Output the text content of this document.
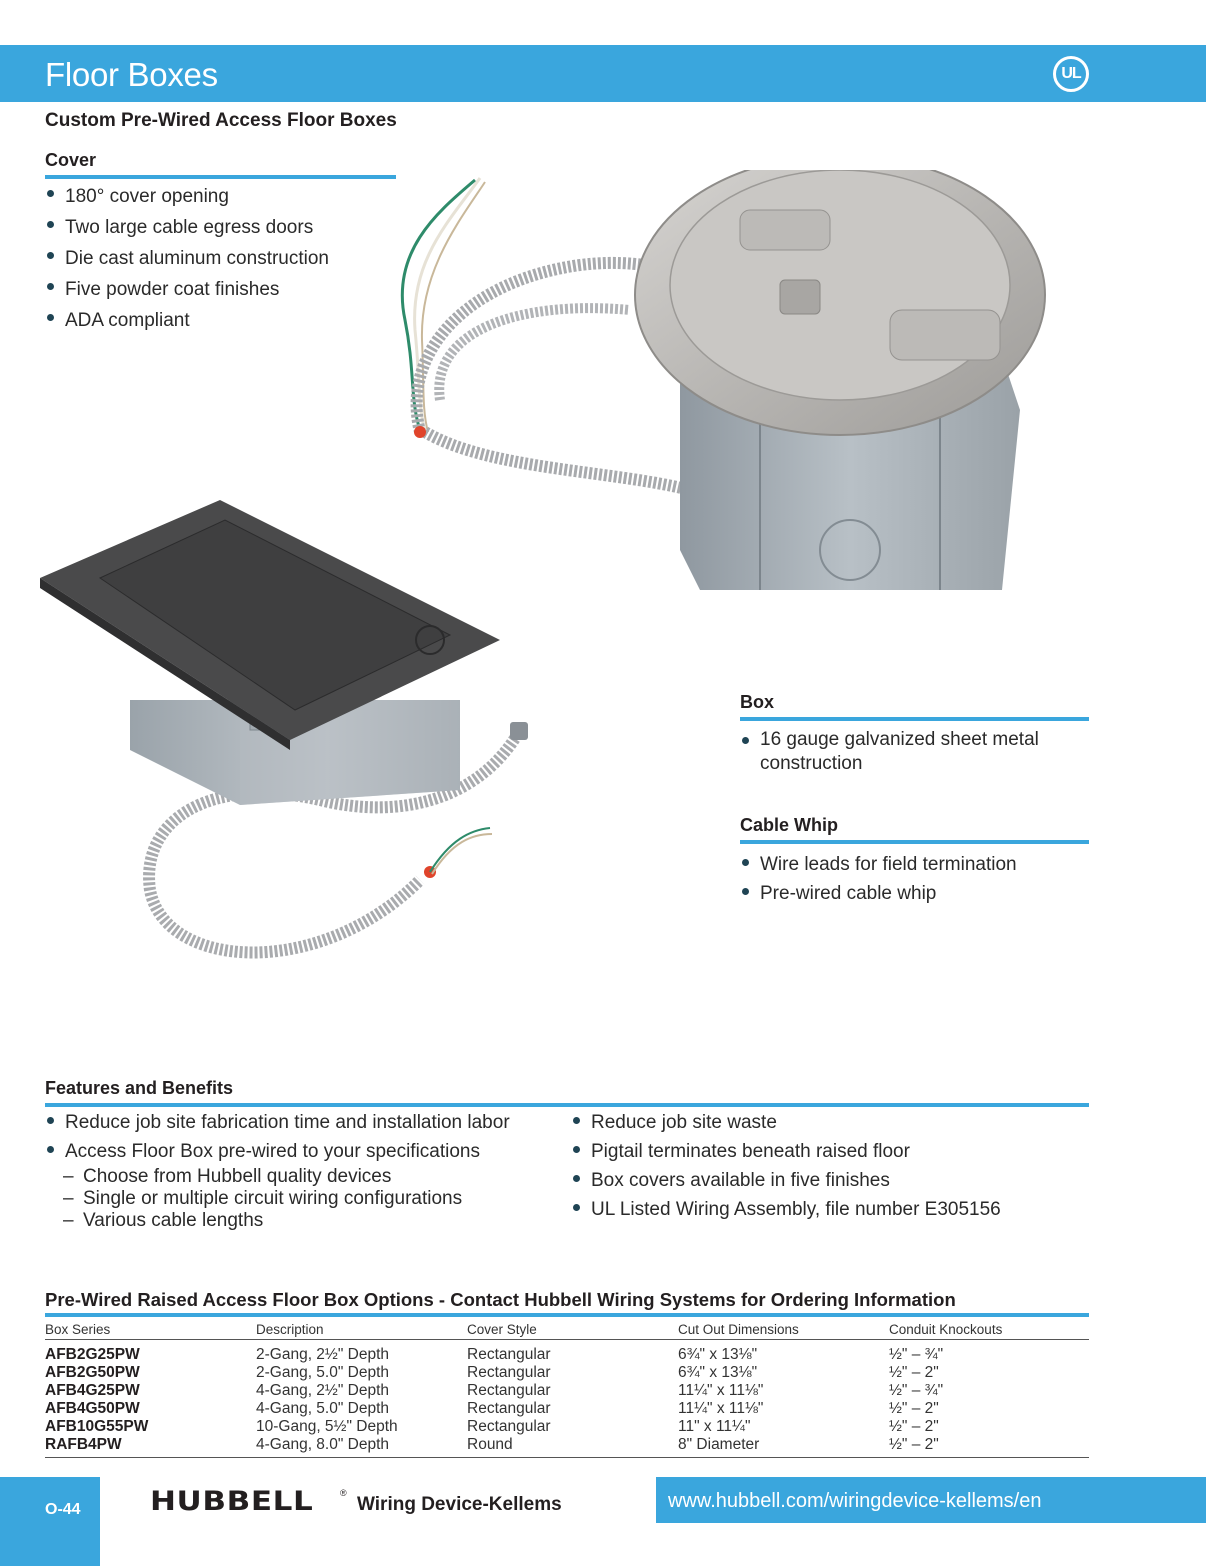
Floor Boxes	UL
Custom Pre-Wired Access Floor Boxes
Cover
180° cover opening
Two large cable egress doors
Die cast aluminum construction
Five powder coat finishes
ADA compliant
Box
16 gauge galvanized sheet metal construction
Cable Whip
Wire leads for field termination
Pre-wired cable whip
Features and Benefits
Reduce job site fabrication time and installation labor
Access Floor Box pre-wired to your specifications
– Choose from Hubbell quality devices
– Single or multiple circuit wiring configurations
– Various cable lengths
Reduce job site waste
Pigtail terminates beneath raised floor
Box covers available in five finishes
UL Listed Wiring Assembly, file number E305156
Pre-Wired Raised Access Floor Box Options - Contact Hubbell Wiring Systems for Ordering Information
Box Series	Description	Cover Style	Cut Out Dimensions	Conduit Knockouts
AFB2G25PW	2-Gang, 2½" Depth	Rectangular	6¾" x 13⅛"	½" – ¾"
AFB2G50PW	2-Gang, 5.0" Depth	Rectangular	6¾" x 13⅛"	½" – 2"
AFB4G25PW	4-Gang, 2½" Depth	Rectangular	11¼" x 11⅛"	½" – ¾"
AFB4G50PW	4-Gang, 5.0" Depth	Rectangular	11¼" x 11⅛"	½" – 2"
AFB10G55PW	10-Gang, 5½" Depth	Rectangular	11" x 11¼"	½" – 2"
RAFB4PW	4-Gang, 8.0" Depth	Round	8" Diameter	½" – 2"
O-44	HUBBELL	®
Wiring Device-Kellems	www.hubbell.com/wiringdevice-kellems/en
